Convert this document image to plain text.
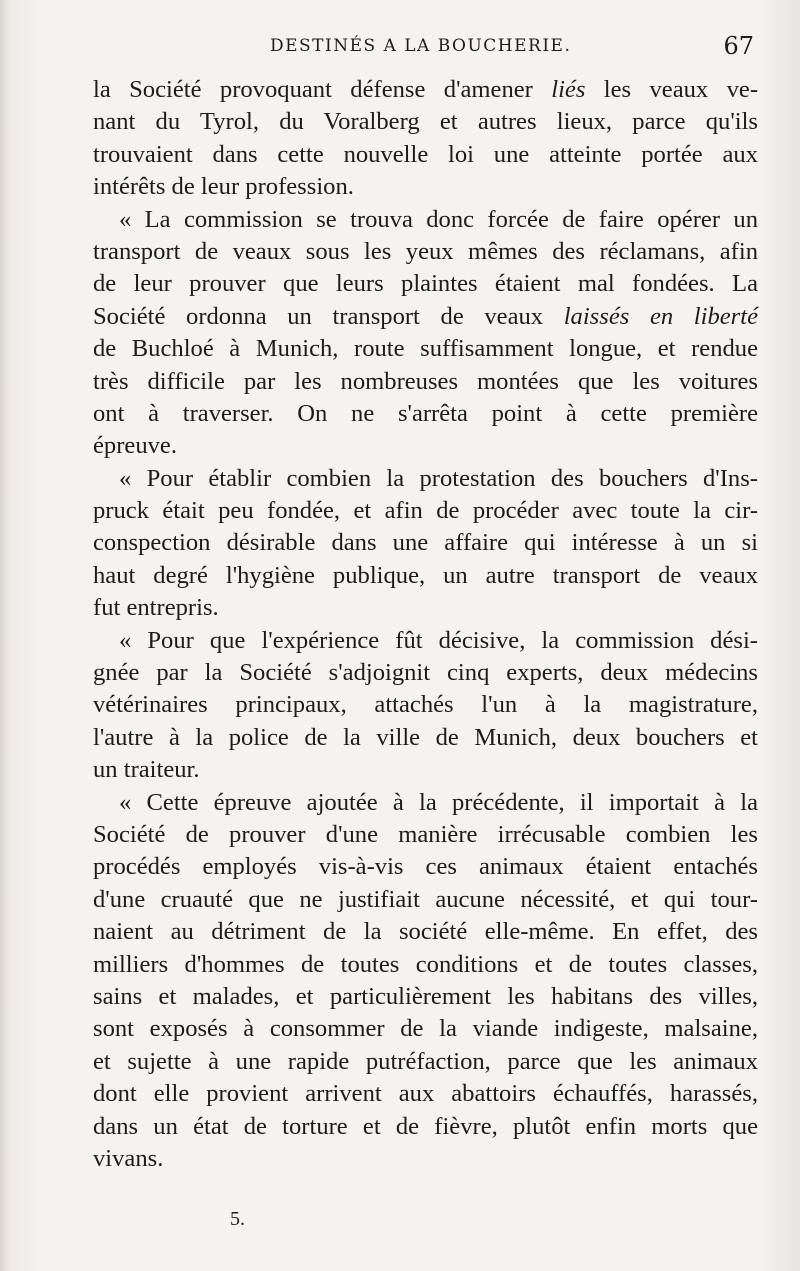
DESTINÉS A LA BOUCHERIE.	67
la Société provoquant défense d'amener liés les veaux ve-
nant du Tyrol, du Voralberg et autres lieux, parce qu'ils
trouvaient dans cette nouvelle loi une atteinte portée aux
intérêts de leur profession.
« La commission se trouva donc forcée de faire opérer un
transport de veaux sous les yeux mêmes des réclamans, afin
de leur prouver que leurs plaintes étaient mal fondées. La
Société ordonna un transport de veaux laissés en liberté
de Buchloé à Munich, route suffisamment longue, et rendue
très difficile par les nombreuses montées que les voitures
ont à traverser. On ne s'arrêta point à cette première
épreuve.
« Pour établir combien la protestation des bouchers d'Ins-
pruck était peu fondée, et afin de procéder avec toute la cir-
conspection désirable dans une affaire qui intéresse à un si
haut degré l'hygiène publique, un autre transport de veaux
fut entrepris.
« Pour que l'expérience fût décisive, la commission dési-
gnée par la Société s'adjoignit cinq experts, deux médecins
vétérinaires principaux, attachés l'un à la magistrature,
l'autre à la police de la ville de Munich, deux bouchers et
un traiteur.
« Cette épreuve ajoutée à la précédente, il importait à la
Société de prouver d'une manière irrécusable combien les
procédés employés vis-à-vis ces animaux étaient entachés
d'une cruauté que ne justifiait aucune nécessité, et qui tour-
naient au détriment de la société elle-même. En effet, des
milliers d'hommes de toutes conditions et de toutes classes,
sains et malades, et particulièrement les habitans des villes,
sont exposés à consommer de la viande indigeste, malsaine,
et sujette à une rapide putréfaction, parce que les animaux
dont elle provient arrivent aux abattoirs échauffés, harassés,
dans un état de torture et de fièvre, plutôt enfin morts que
vivans.
5.
